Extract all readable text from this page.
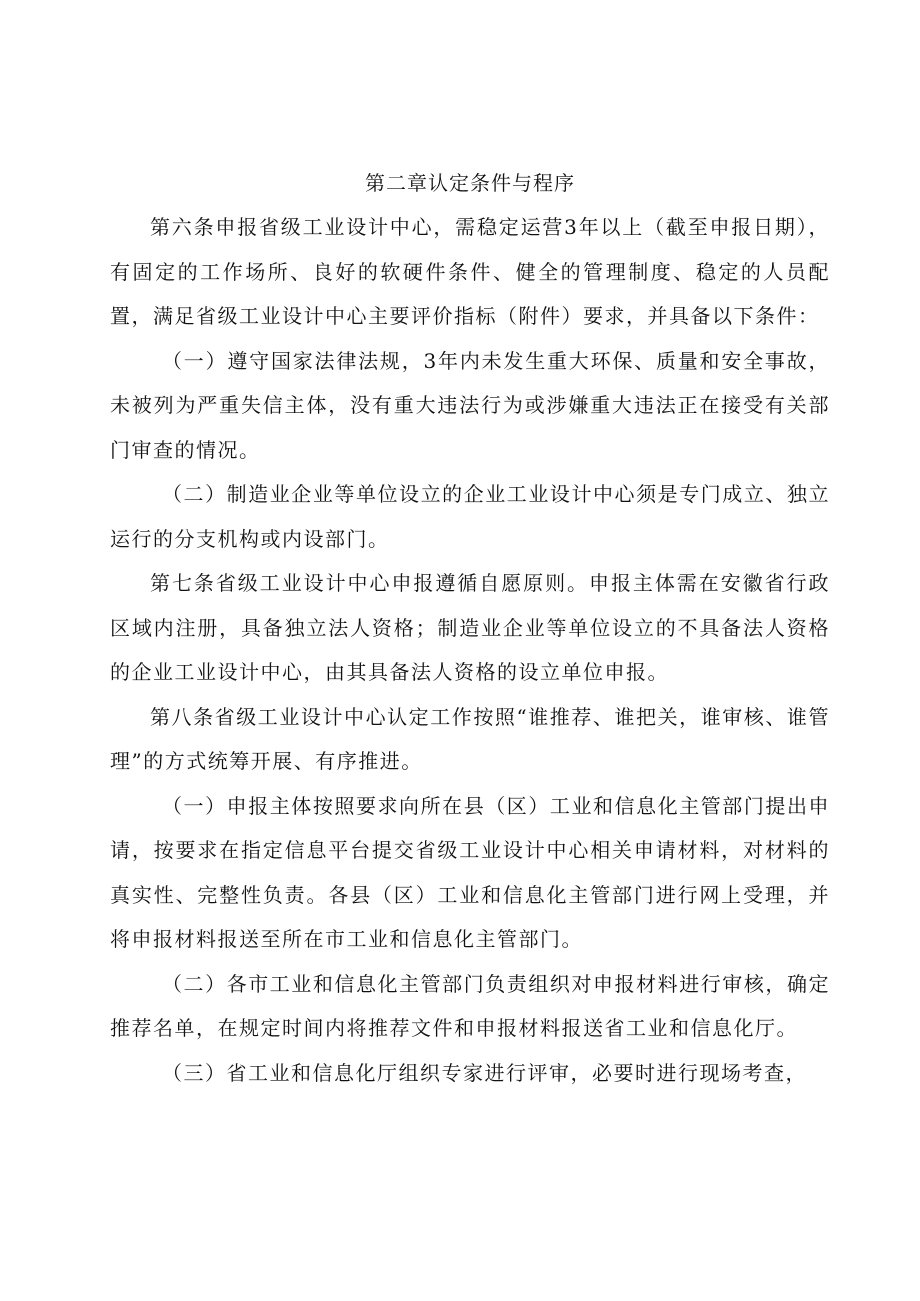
第二章认定条件与程序

第六条申报省级工业设计中心，需稳定运营3年以上（截至申报日期），有固定的工作场所、良好的软硬件条件、健全的管理制度、稳定的人员配置，满足省级工业设计中心主要评价指标（附件）要求，并具备以下条件：

（一）遵守国家法律法规，3年内未发生重大环保、质量和安全事故，未被列为严重失信主体，没有重大违法行为或涉嫌重大违法正在接受有关部门审查的情况。

（二）制造业企业等单位设立的企业工业设计中心须是专门成立、独立运行的分支机构或内设部门。

第七条省级工业设计中心申报遵循自愿原则。申报主体需在安徽省行政区域内注册，具备独立法人资格；制造业企业等单位设立的不具备法人资格的企业工业设计中心，由其具备法人资格的设立单位申报。

第八条省级工业设计中心认定工作按照“谁推荐、谁把关，谁审核、谁管理”的方式统筹开展、有序推进。

（一）申报主体按照要求向所在县（区）工业和信息化主管部门提出申请，按要求在指定信息平台提交省级工业设计中心相关申请材料，对材料的真实性、完整性负责。各县（区）工业和信息化主管部门进行网上受理，并将申报材料报送至所在市工业和信息化主管部门。

（二）各市工业和信息化主管部门负责组织对申报材料进行审核，确定推荐名单，在规定时间内将推荐文件和申报材料报送省工业和信息化厅。

（三）省工业和信息化厅组织专家进行评审，必要时进行现场考查，
